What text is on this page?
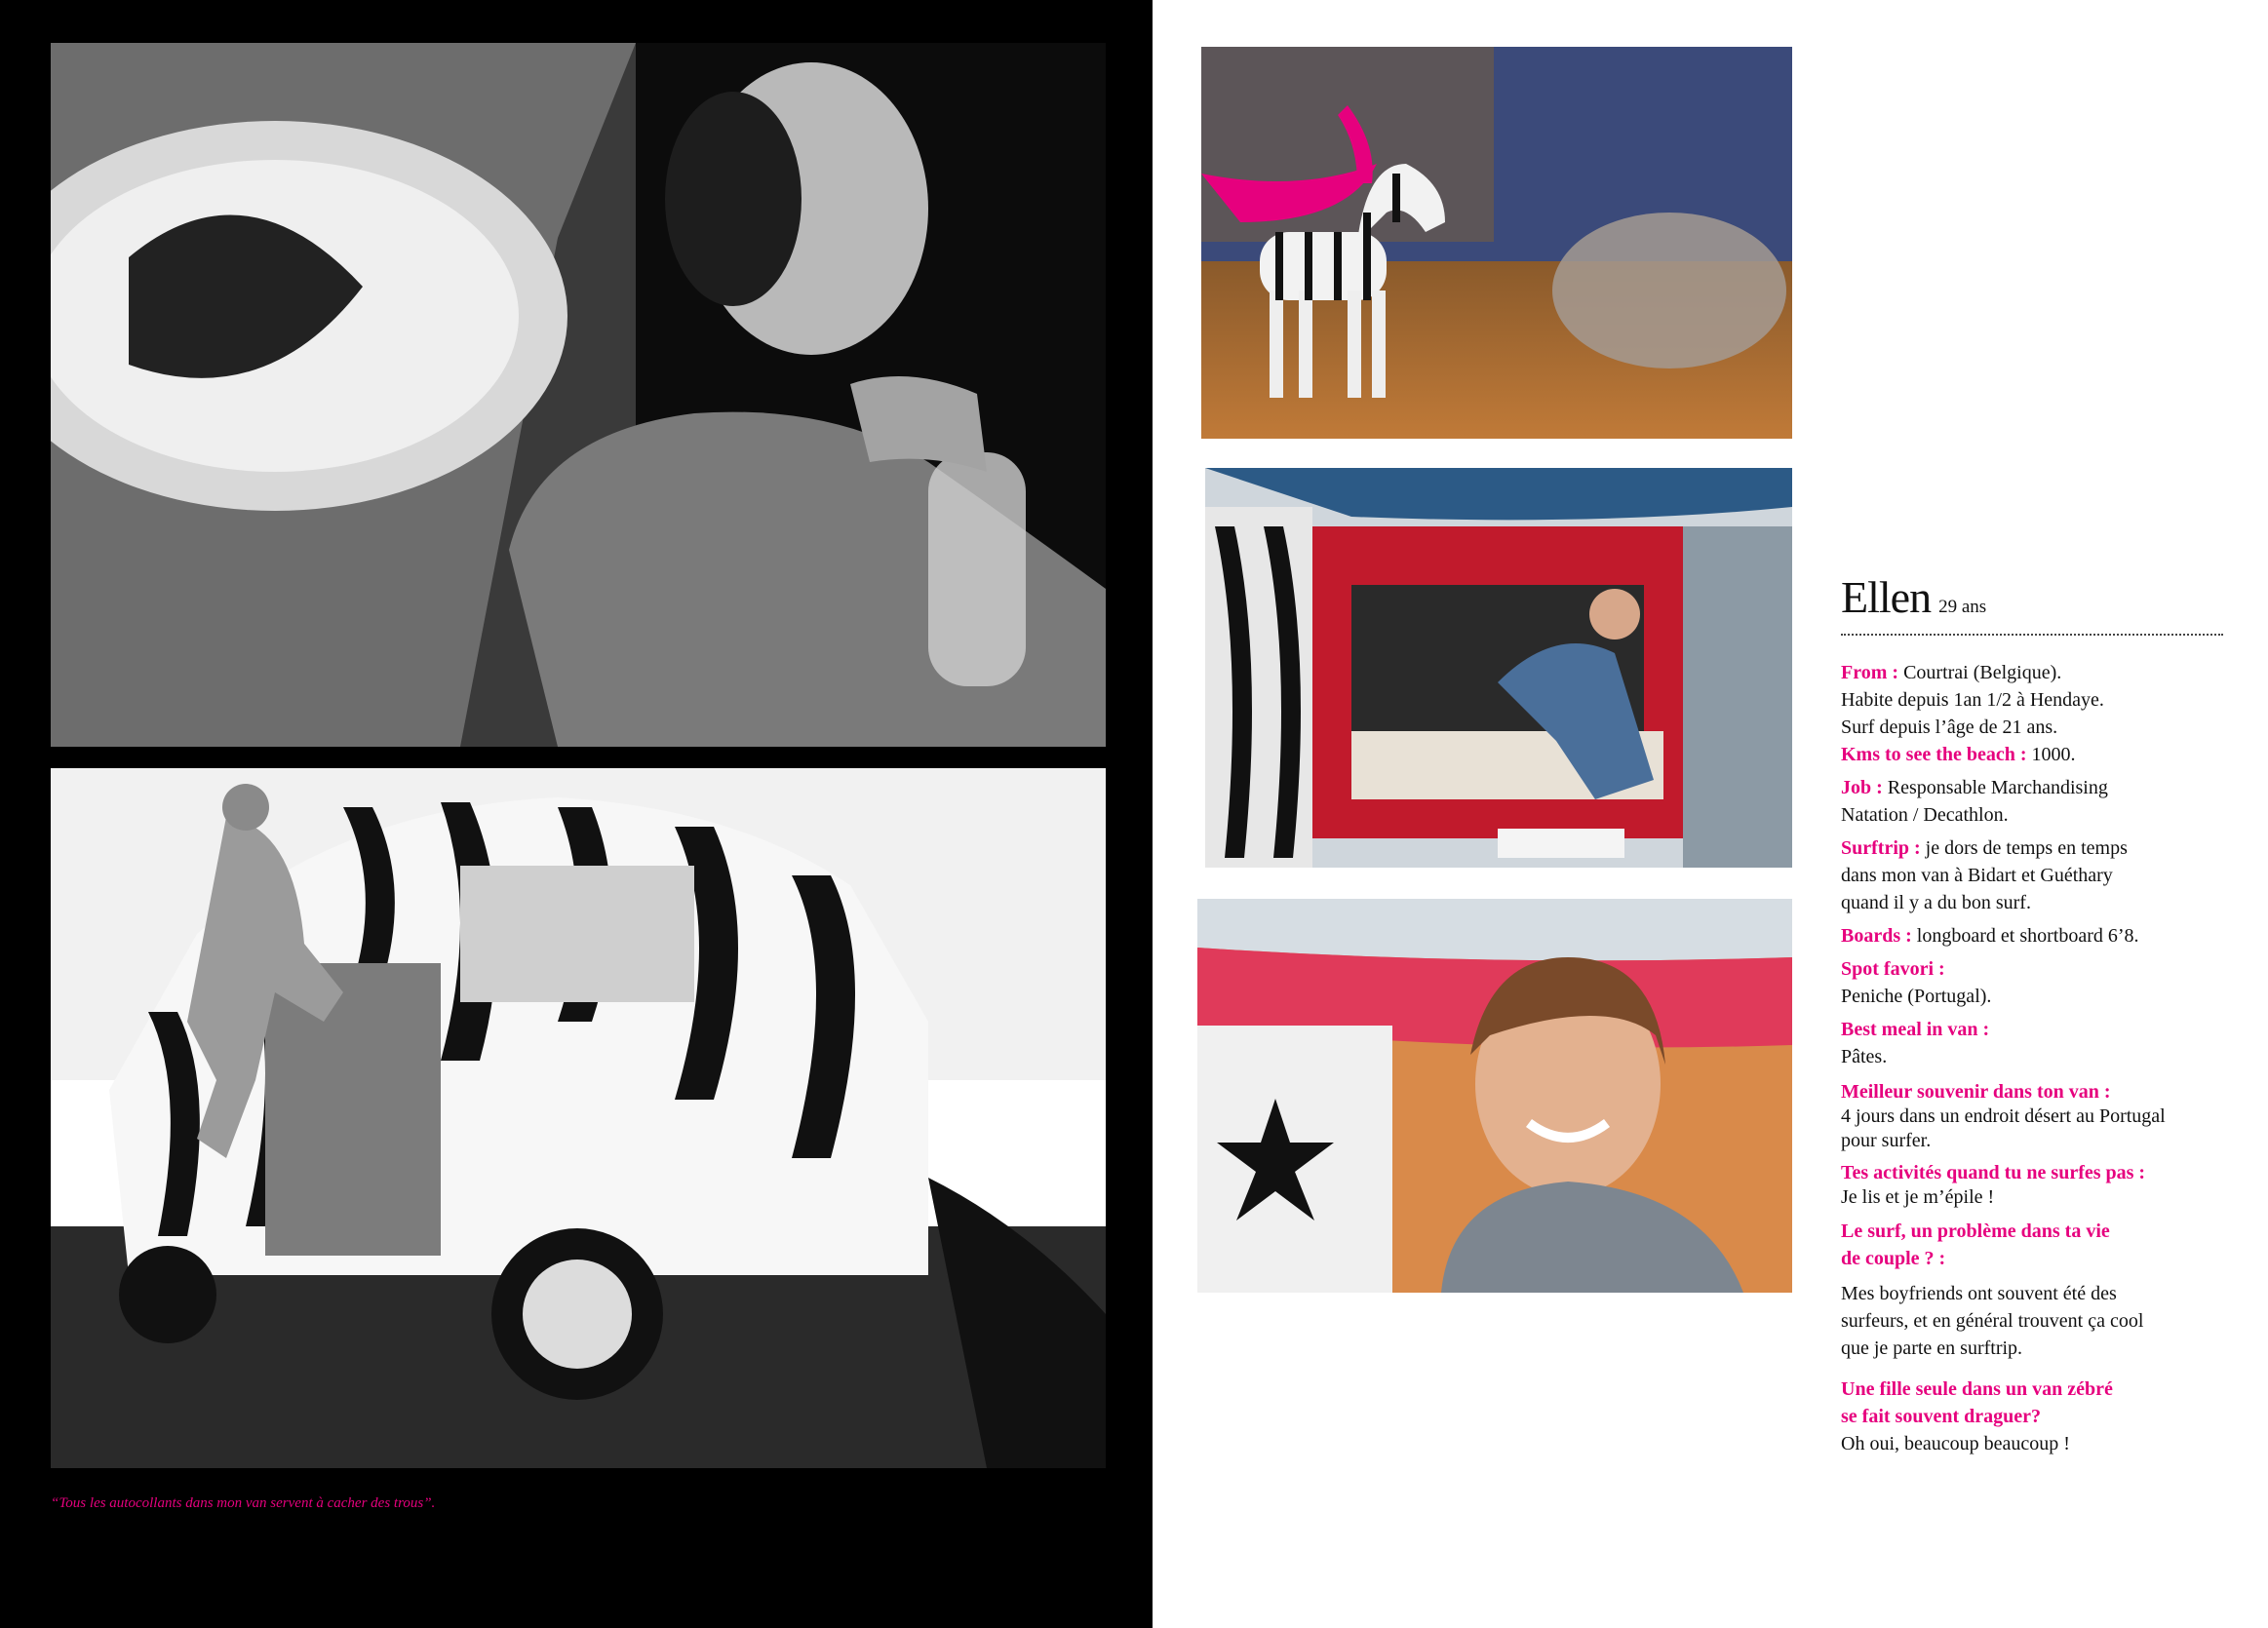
“Tous les autocollants dans mon van servent à cacher des trous”.
Ellen 29 ans
From : Courtrai (Belgique).
Habite depuis 1an 1/2 à Hendaye.
Surf depuis l’âge de 21 ans.
Kms to see the beach : 1000.
Job : Responsable Marchandising
Natation / Decathlon.
Surftrip : je dors de temps en temps
dans mon van à Bidart et Guéthary
quand il y a du bon surf.
Boards : longboard et shortboard 6’8.
Spot favori :
Peniche (Portugal).
Best meal in van :
Pâtes.
Meilleur souvenir dans ton van :
4 jours dans un endroit désert au Portugal
pour surfer.
Tes activités quand tu ne surfes pas :
Je lis et je m’épile !
Le surf, un problème dans ta vie
de couple ? :
Mes boyfriends ont souvent été des
surfeurs, et en général trouvent ça cool
que je parte en surftrip.
Une fille seule dans un van zébré
se fait souvent draguer?
Oh oui, beaucoup beaucoup !
